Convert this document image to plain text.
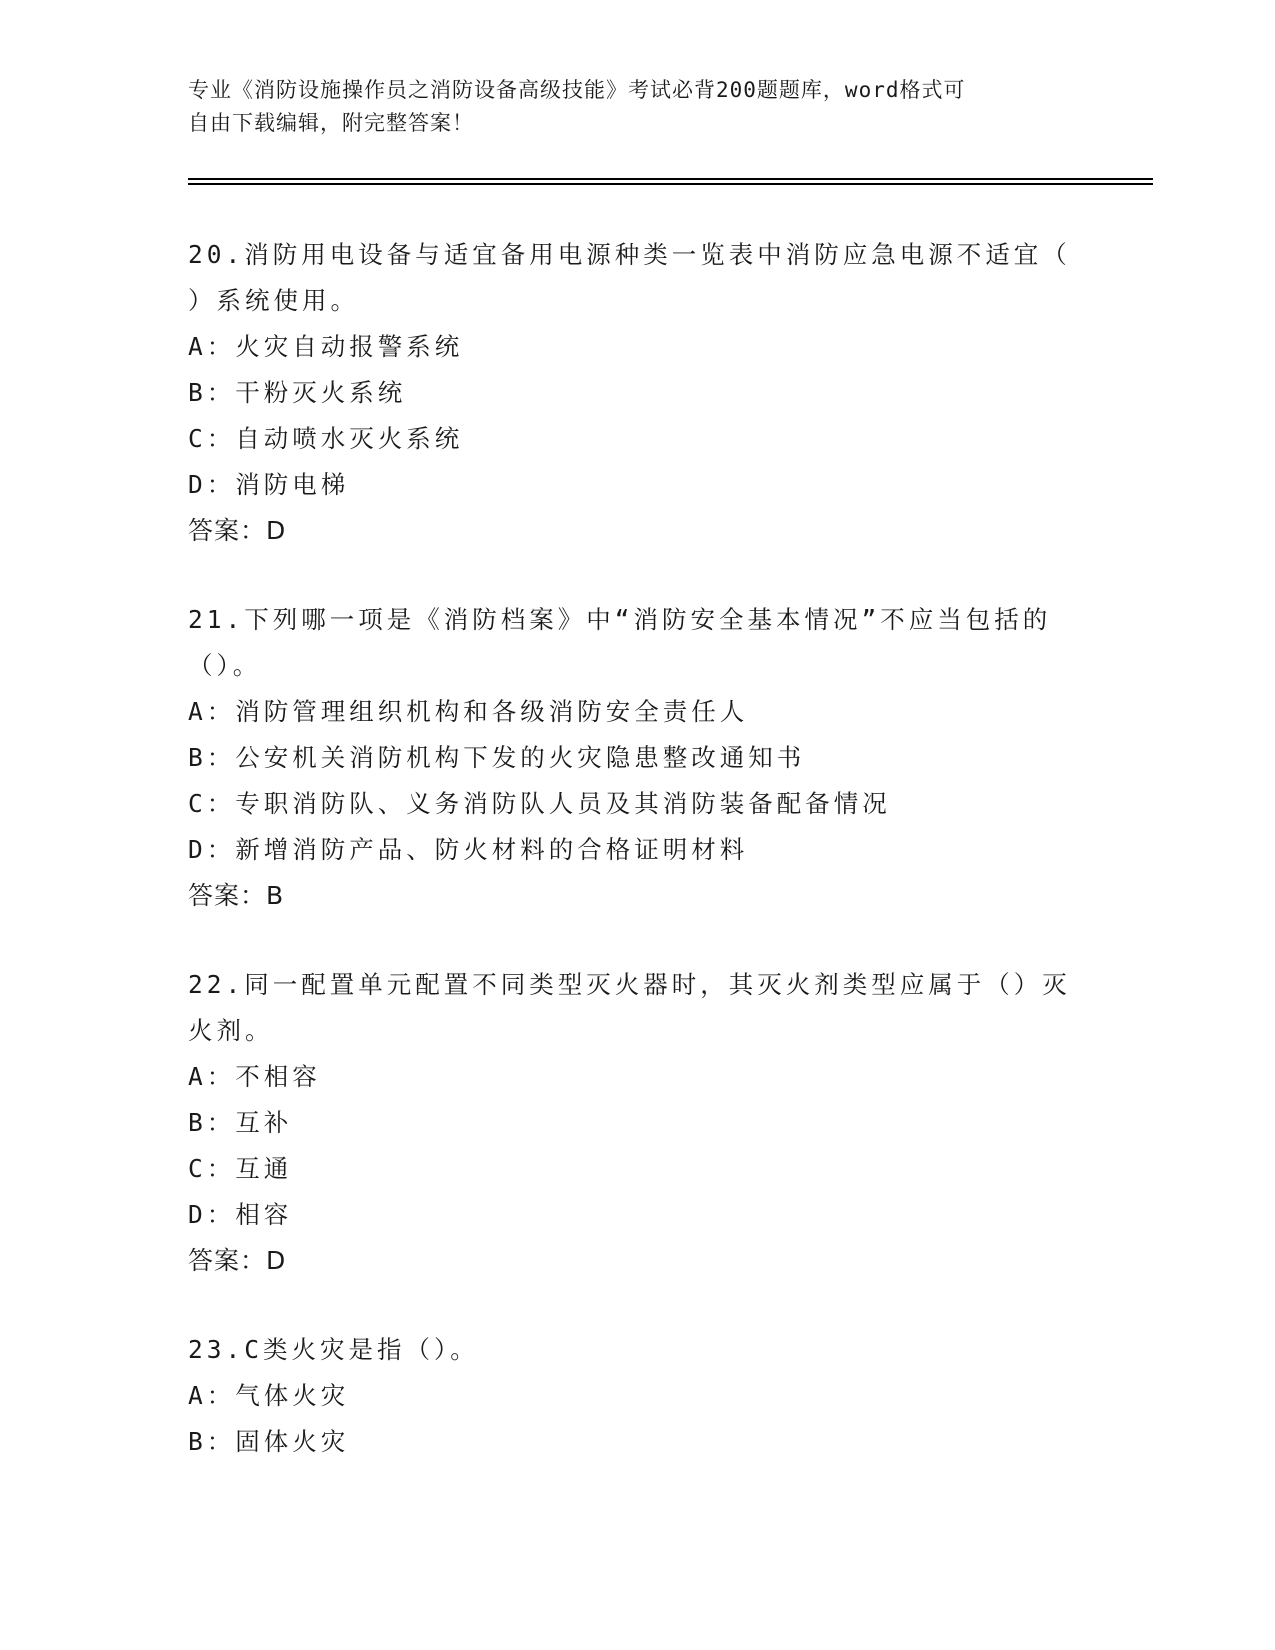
专业《消防设施操作员之消防设备高级技能》考试必背200题题库，word格式可
自由下载编辑，附完整答案！
20.消防用电设备与适宜备用电源种类一览表中消防应急电源不适宜（
）系统使用。
A：火灾自动报警系统
B：干粉灭火系统
C：自动喷水灭火系统
D：消防电梯
答案：D
21.下列哪一项是《消防档案》中“消防安全基本情况”不应当包括的
（）。
A：消防管理组织机构和各级消防安全责任人
B：公安机关消防机构下发的火灾隐患整改通知书
C：专职消防队、义务消防队人员及其消防装备配备情况
D：新增消防产品、防火材料的合格证明材料
答案：B
22.同一配置单元配置不同类型灭火器时，其灭火剂类型应属于（）灭
火剂。
A：不相容
B：互补
C：互通
D：相容
答案：D
23.C类火灾是指（）。
A：气体火灾
B：固体火灾
